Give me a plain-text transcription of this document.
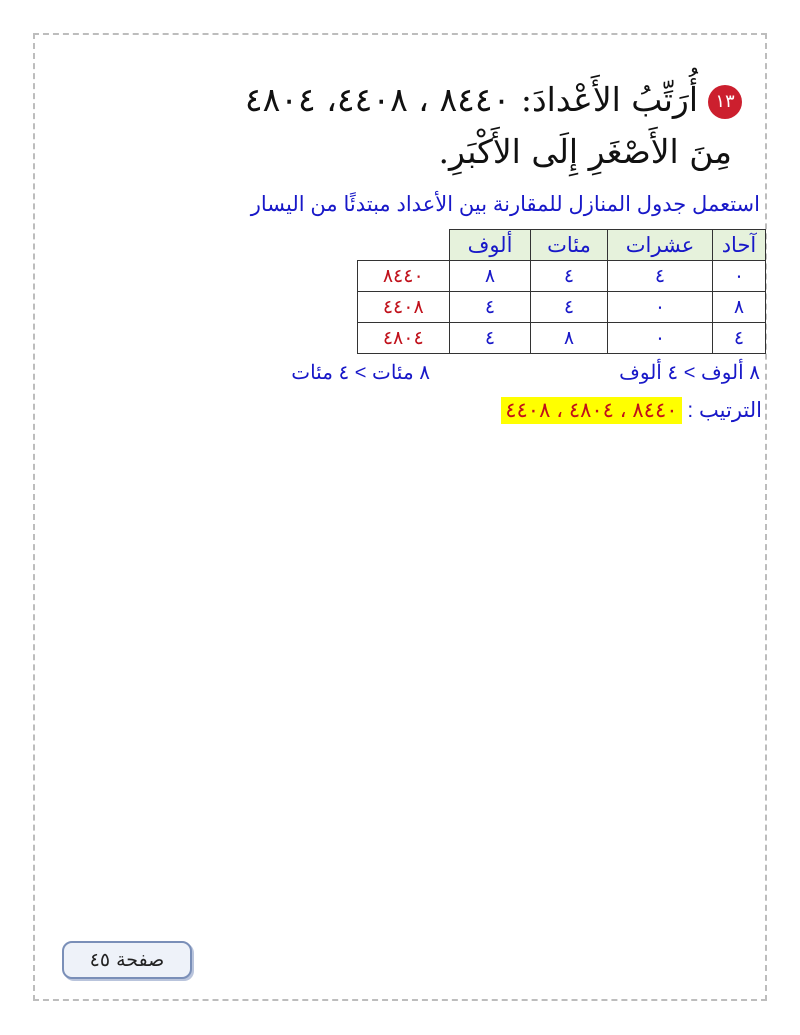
١٣أُرَتِّبُ الأَعْدادَ: ٨٤٤٠ ، ٤٤٠٨، ٤٨٠٤
مِنَ الأَصْغَرِ إِلَى الأَكْبَرِ.
استعمل جدول المنازل للمقارنة بين الأعداد مبتدئًا من اليسار
آحاد	عشرات	مئات	ألوف	
٠	٤	٤	٨	٨٤٤٠
٨	٠	٤	٤	٤٤٠٨
٤	٠	٨	٤	٤٨٠٤
٨ ألوف > ٤ ألوف
٨ مئات > ٤ مئات
الترتيب : ٨٤٤٠ ، ٤٨٠٤ ، ٤٤٠٨
صفحة ٤٥
